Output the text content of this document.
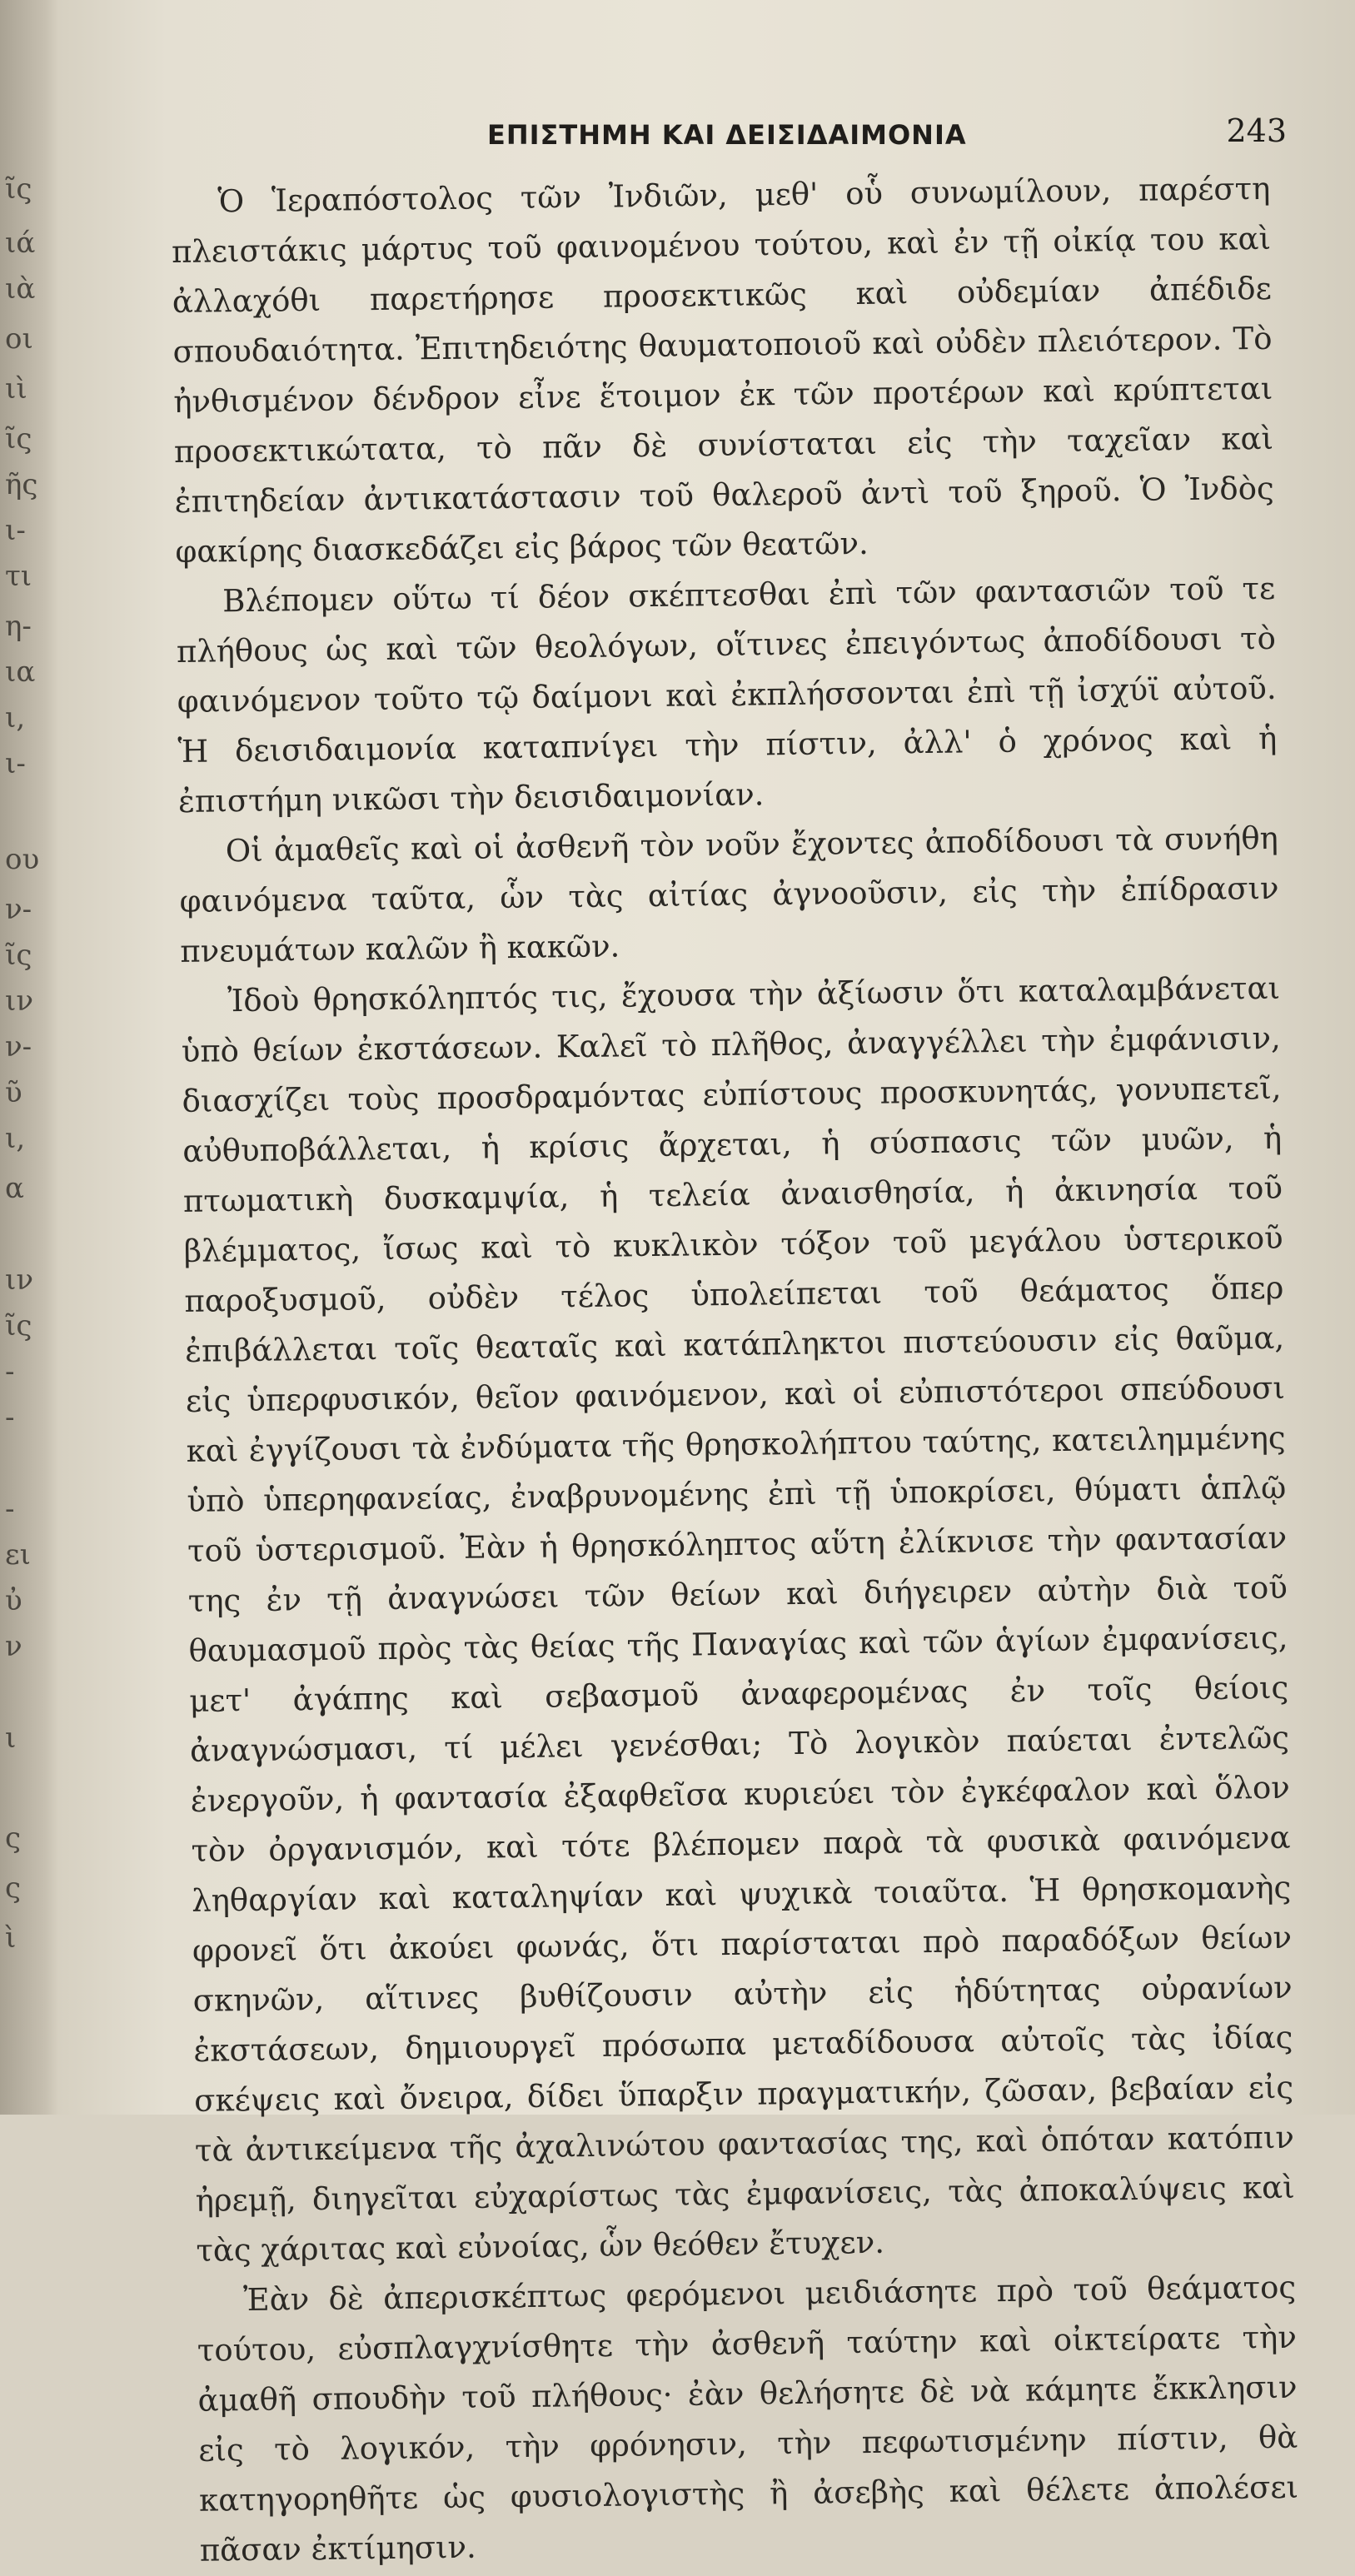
ῖς
ιά
ιὰ
οι
ιὶ
ῖς
ῆς
ι-
τι
η-
ια
ι,
ι-
ου
ν-
ῖς
ιν
ν-
ῦ
ι,
α
ιν
ῖς
-
-
-
ει
ὐ
ν
ι
ς
ς
ὶ
ΕΠΙΣΤΗΜΗ ΚΑΙ ΔΕΙΣΙΔΑΙΜΟΝΙΑ	243

Ὁ Ἱεραπόστολος τῶν Ἰνδιῶν, μεθ' οὗ συνωμίλουν, παρέστη πλειστάκις μάρτυς τοῦ φαινομένου τούτου, καὶ ἐν τῇ οἰκίᾳ του καὶ ἀλλαχόθι παρετήρησε προσεκτικῶς καὶ οὐδεμίαν ἀπέδιδε σπουδαιότητα. Ἐπιτηδειότης θαυματοποιοῦ καὶ οὐδὲν πλειότερον. Τὸ ἠνθισμένον δένδρον εἶνε ἕτοιμον ἐκ τῶν προτέρων καὶ κρύπτεται προσεκτικώτατα, τὸ πᾶν δὲ συνίσταται εἰς τὴν ταχεῖαν καὶ ἐπιτηδείαν ἀντικατάστασιν τοῦ θαλεροῦ ἀντὶ τοῦ ξηροῦ. Ὁ Ἰνδὸς φακίρης διασκεδάζει εἰς βάρος τῶν θεατῶν.

Βλέπομεν οὕτω τί δέον σκέπτεσθαι ἐπὶ τῶν φαντασιῶν τοῦ τε πλήθους ὡς καὶ τῶν θεολόγων, οἵτινες ἐπειγόντως ἀποδίδουσι τὸ φαινόμενον τοῦτο τῷ δαίμονι καὶ ἐκπλήσσονται ἐπὶ τῇ ἰσχύϊ αὐτοῦ. Ἡ δεισιδαιμονία καταπνίγει τὴν πίστιν, ἀλλ' ὁ χρόνος καὶ ἡ ἐπιστήμη νικῶσι τὴν δεισιδαιμονίαν.

Οἱ ἀμαθεῖς καὶ οἱ ἀσθενῆ τὸν νοῦν ἔχοντες ἀποδίδουσι τὰ συνήθη φαινόμενα ταῦτα, ὧν τὰς αἰτίας ἀγνοοῦσιν, εἰς τὴν ἐπίδρασιν πνευμάτων καλῶν ἢ κακῶν.

Ἰδοὺ θρησκόληπτός τις, ἔχουσα τὴν ἀξίωσιν ὅτι καταλαμβάνεται ὑπὸ θείων ἐκστάσεων. Καλεῖ τὸ πλῆθος, ἀναγγέλλει τὴν ἐμφάνισιν, διασχίζει τοὺς προσδραμόντας εὐπίστους προσκυνητάς, γονυπετεῖ, αὐθυποβάλλεται, ἡ κρίσις ἄρχεται, ἡ σύσπασις τῶν μυῶν, ἡ πτωματικὴ δυσκαμψία, ἡ τελεία ἀναισθησία, ἡ ἀκινησία τοῦ βλέμματος, ἴσως καὶ τὸ κυκλικὸν τόξον τοῦ μεγάλου ὑστερικοῦ παροξυσμοῦ, οὐδὲν τέλος ὑπολείπεται τοῦ θεάματος ὅπερ ἐπιβάλλεται τοῖς θεαταῖς καὶ κατάπληκτοι πιστεύουσιν εἰς θαῦμα, εἰς ὑπερφυσικόν, θεῖον φαινόμενον, καὶ οἱ εὐπιστότεροι σπεύδουσι καὶ ἐγγίζουσι τὰ ἐνδύματα τῆς θρησκολήπτου ταύτης, κατειλημμένης ὑπὸ ὑπερηφανείας, ἐναβρυνομένης ἐπὶ τῇ ὑποκρίσει, θύματι ἁπλῷ τοῦ ὑστερισμοῦ. Ἐὰν ἡ θρησκόληπτος αὕτη ἐλίκνισε τὴν φαντασίαν της ἐν τῇ ἀναγνώσει τῶν θείων καὶ διήγειρεν αὐτὴν διὰ τοῦ θαυμασμοῦ πρὸς τὰς θείας τῆς Παναγίας καὶ τῶν ἁγίων ἐμφανίσεις, μετ' ἀγάπης καὶ σεβασμοῦ ἀναφερομένας ἐν τοῖς θείοις ἀναγνώσμασι, τί μέλει γενέσθαι; Τὸ λογικὸν παύεται ἐντελῶς ἐνεργοῦν, ἡ φαντασία ἐξαφθεῖσα κυριεύει τὸν ἐγκέφαλον καὶ ὅλον τὸν ὀργανισμόν, καὶ τότε βλέπομεν παρὰ τὰ φυσικὰ φαινόμενα ληθαργίαν καὶ καταληψίαν καὶ ψυχικὰ τοιαῦτα. Ἡ θρησκομανὴς φρονεῖ ὅτι ἀκούει φωνάς, ὅτι παρίσταται πρὸ παραδόξων θείων σκηνῶν, αἵτινες βυθίζουσιν αὐτὴν εἰς ἡδύτητας οὐρανίων ἐκστάσεων, δημιουργεῖ πρόσωπα μεταδίδουσα αὐτοῖς τὰς ἰδίας σκέψεις καὶ ὄνειρα, δίδει ὕπαρξιν πραγματικήν, ζῶσαν, βεβαίαν εἰς τὰ ἀντικείμενα τῆς ἀχαλινώτου φαντασίας της, καὶ ὁπόταν κατόπιν ἠρεμῇ, διηγεῖται εὐχαρίστως τὰς ἐμφανίσεις, τὰς ἀποκαλύψεις καὶ τὰς χάριτας καὶ εὐνοίας, ὧν θεόθεν ἔτυχεν.

Ἐὰν δὲ ἀπερισκέπτως φερόμενοι μειδιάσητε πρὸ τοῦ θεάματος τούτου, εὐσπλαγχνίσθητε τὴν ἀσθενῆ ταύτην καὶ οἰκτείρατε τὴν ἀμαθῆ σπουδὴν τοῦ πλήθους· ἐὰν θελήσητε δὲ νὰ κάμητε ἔκκλησιν εἰς τὸ λογικόν, τὴν φρόνησιν, τὴν πεφωτισμένην πίστιν, θὰ κατηγορηθῆτε ὡς φυσιολογιστὴς ἢ ἀσεβὴς καὶ θέλετε ἀπολέσει πᾶσαν ἐκτίμησιν.
